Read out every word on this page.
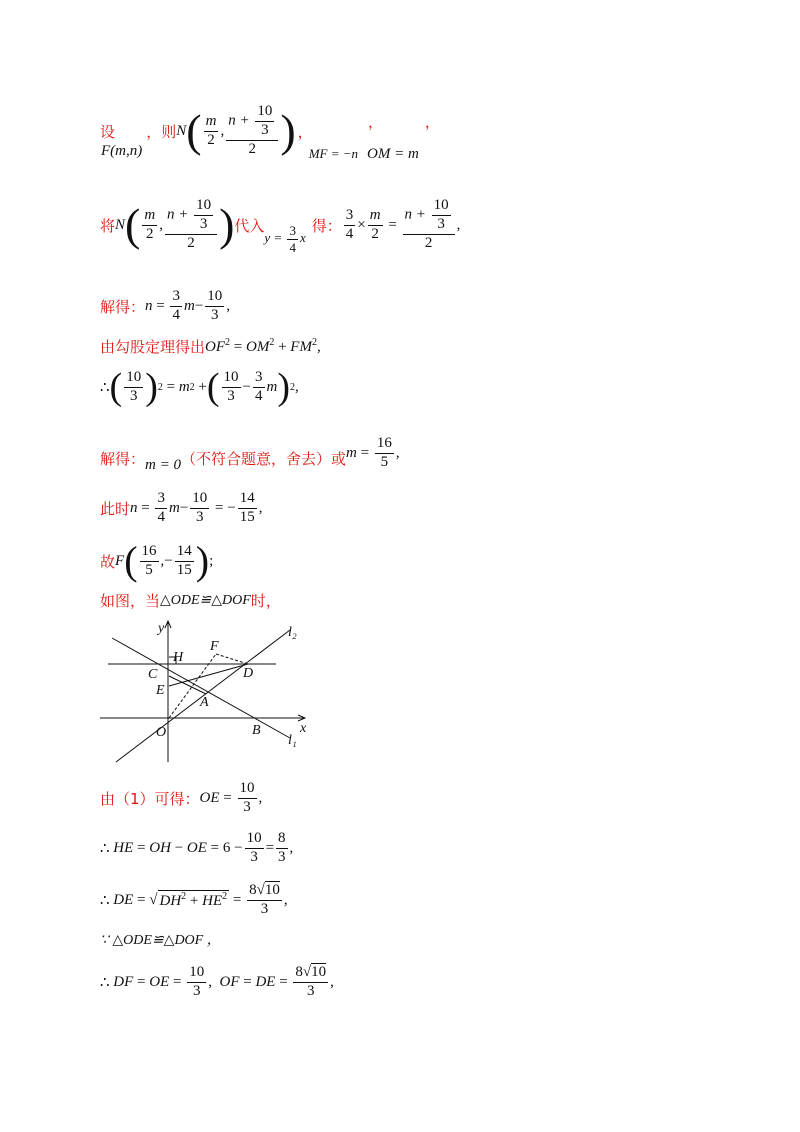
设
F(m,n)
，则 N ( $\frac{m}{2}$ , $\frac{n + \frac{10}{3}}{2}$ ) ，
MF = −n
，
OM = m
，
将 N ( $\frac{m}{2}$ , $\frac{n + \frac{10}{3}}{2}$ ) 代入
$y = \frac{3}{4}$ x
得： $\frac{3}{4} \times \frac{m}{2} = \frac{n + \frac{10}{3}}{2}$ ,
解得： n =
$\frac{3}{4}$ $m - \frac{10}{3}$ ,
由勾股定理得出 $OF^2 = OM^2 + FM^2$,
∴ ( $\frac{10}{3}$ ) 2 = m 2 + ( $\frac{10}{3} - \frac{3}{4}$ m ) 2 ,
解得： m = 0 （不符合题意，舍去）或 $m = \frac{16}{5}$ ,
此时 $n = \frac{3}{4}$ $m - \frac{10}{3}$ = − $\frac{14}{15}$ ,
故 F ( $\frac{16}{5}$ ,− $\frac{14}{15}$ ) ;
如图，当 △ODE≌△DOF 时，
y
x
H
C
E
A
D
F
O	B
l₁
l₂
由（1）可得： OE = $\frac{10}{3}$ ,
∴ HE = OH − OE = $6 - \frac{10}{3} = \frac{8}{3}$ ,
∴ DE = √ $DH^2 + HE^2 = \frac{8√10}{3}$ ,
∵ △ODE≌△DOF ，
∴ DF = OE = $\frac{10}{3}$ , OF = DE = $\frac{8√10}{3}$ ,
